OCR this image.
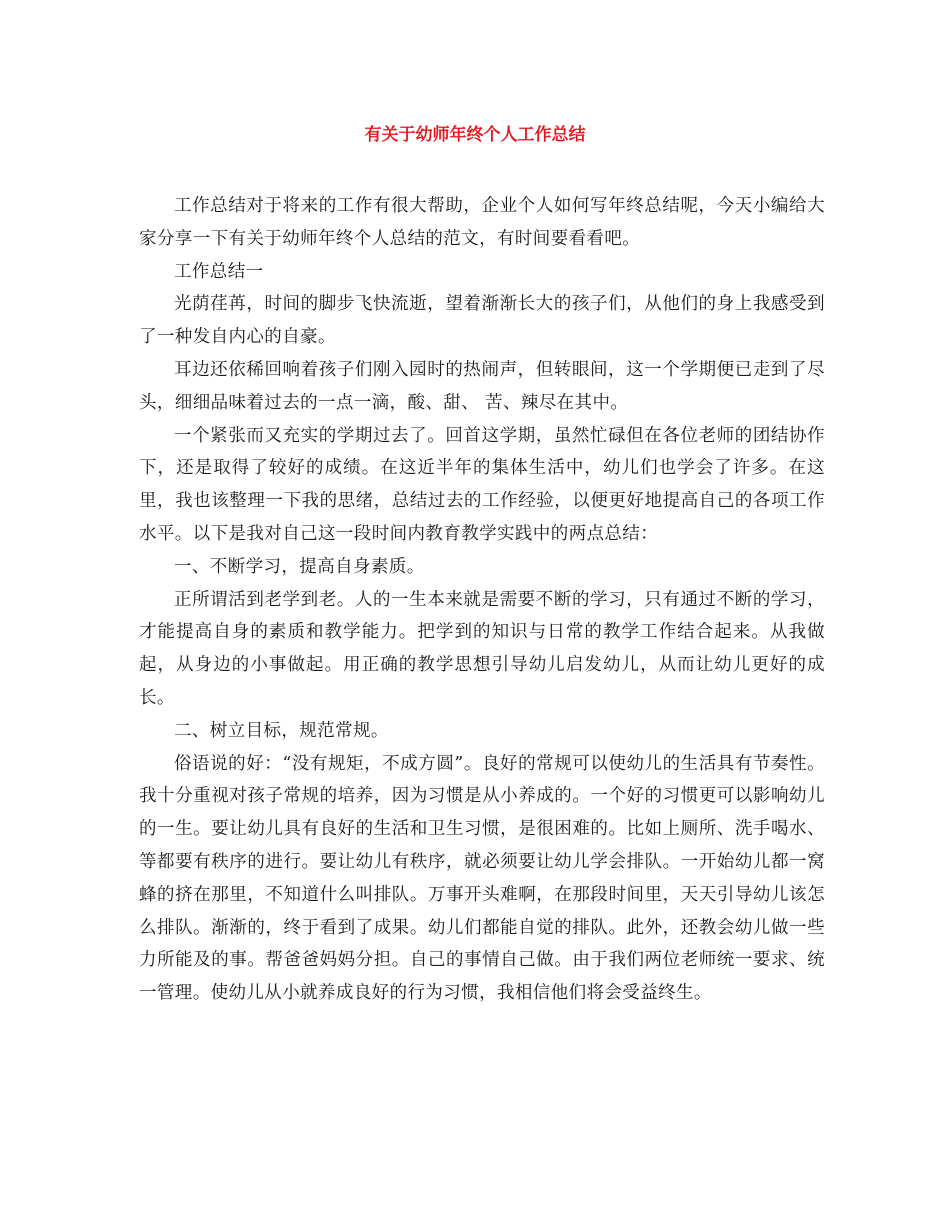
有关于幼师年终个人工作总结

工作总结对于将来的工作有很大帮助，企业个人如何写年终总结呢，今天小编给大家分享一下有关于幼师年终个人总结的范文，有时间要看看吧。

工作总结一

光荫荏苒，时间的脚步飞快流逝，望着渐渐长大的孩子们，从他们的身上我感受到了一种发自内心的自豪。

耳边还依稀回响着孩子们刚入园时的热闹声，但转眼间，这一个学期便已走到了尽头，细细品味着过去的一点一滴，酸、甜、 苦、辣尽在其中。

一个紧张而又充实的学期过去了。回首这学期，虽然忙碌但在各位老师的团结协作下，还是取得了较好的成绩。在这近半年的集体生活中，幼儿们也学会了许多。在这里，我也该整理一下我的思绪，总结过去的工作经验，以便更好地提高自己的各项工作水平。以下是我对自己这一段时间内教育教学实践中的两点总结：

一、不断学习，提高自身素质。

正所谓活到老学到老。人的一生本来就是需要不断的学习，只有通过不断的学习， 才能提高自身的素质和教学能力。把学到的知识与日常的教学工作结合起来。从我做起，从身边的小事做起。用正确的教学思想引导幼儿启发幼儿，从而让幼儿更好的成长。

二、树立目标，规范常规。

俗语说的好：“没有规矩，不成方圆”。良好的常规可以使幼儿的生活具有节奏性。我十分重视对孩子常规的培养，因为习惯是从小养成的。一个好的习惯更可以影响幼儿的一生。要让幼儿具有良好的生活和卫生习惯，是很困难的。比如上厕所、洗手喝水、等都要有秩序的进行。要让幼儿有秩序，就必须要让幼儿学会排队。一开始幼儿都一窝蜂的挤在那里，不知道什么叫排队。万事开头难啊，在那段时间里，天天引导幼儿该怎么排队。渐渐的，终于看到了成果。幼儿们都能自觉的排队。此外，还教会幼儿做一些力所能及的事。帮爸爸妈妈分担。自己的事情自己做。由于我们两位老师统一要求、统一管理。使幼儿从小就养成良好的行为习惯，我相信他们将会受益终生。
